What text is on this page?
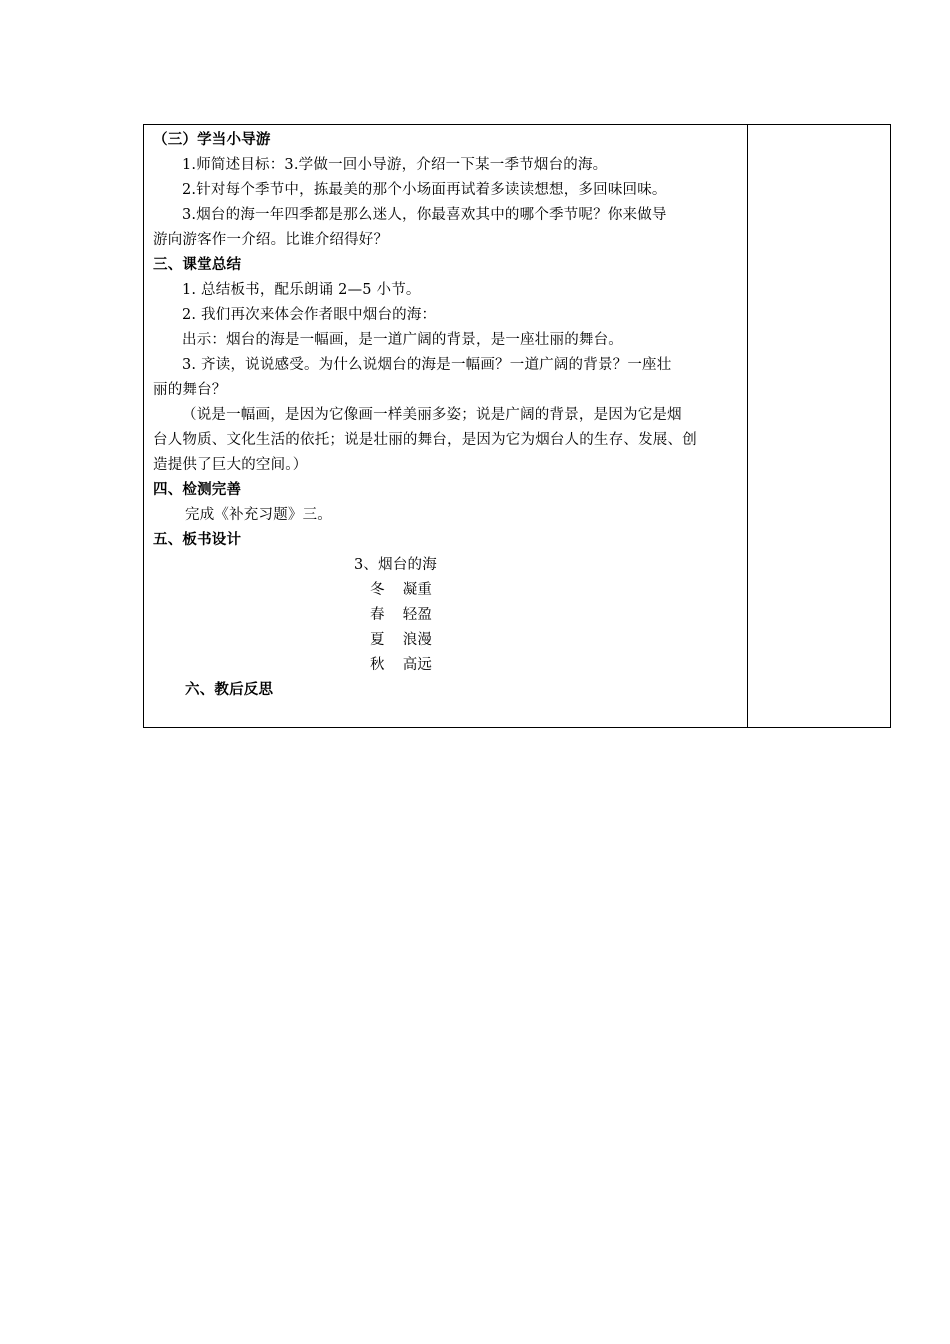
（三）学当小导游
1.师简述目标：3.学做一回小导游，介绍一下某一季节烟台的海。
2.针对每个季节中，拣最美的那个小场面再试着多读读想想，多回味回味。
3.烟台的海一年四季都是那么迷人，你最喜欢其中的哪个季节呢？你来做导
游向游客作一介绍。比谁介绍得好？
三、课堂总结
1. 总结板书，配乐朗诵 2—5 小节。
2. 我们再次来体会作者眼中烟台的海：
出示：烟台的海是一幅画，是一道广阔的背景，是一座壮丽的舞台。
3. 齐读，说说感受。为什么说烟台的海是一幅画？一道广阔的背景？一座壮
丽的舞台？
（说是一幅画，是因为它像画一样美丽多姿；说是广阔的背景，是因为它是烟
台人物质、文化生活的依托；说是壮丽的舞台，是因为它为烟台人的生存、发展、创
造提供了巨大的空间。）
四、检测完善
完成《补充习题》三。
五、板书设计
3、烟台的海
冬 凝重
春 轻盈
夏 浪漫
秋 高远
六、教后反思
